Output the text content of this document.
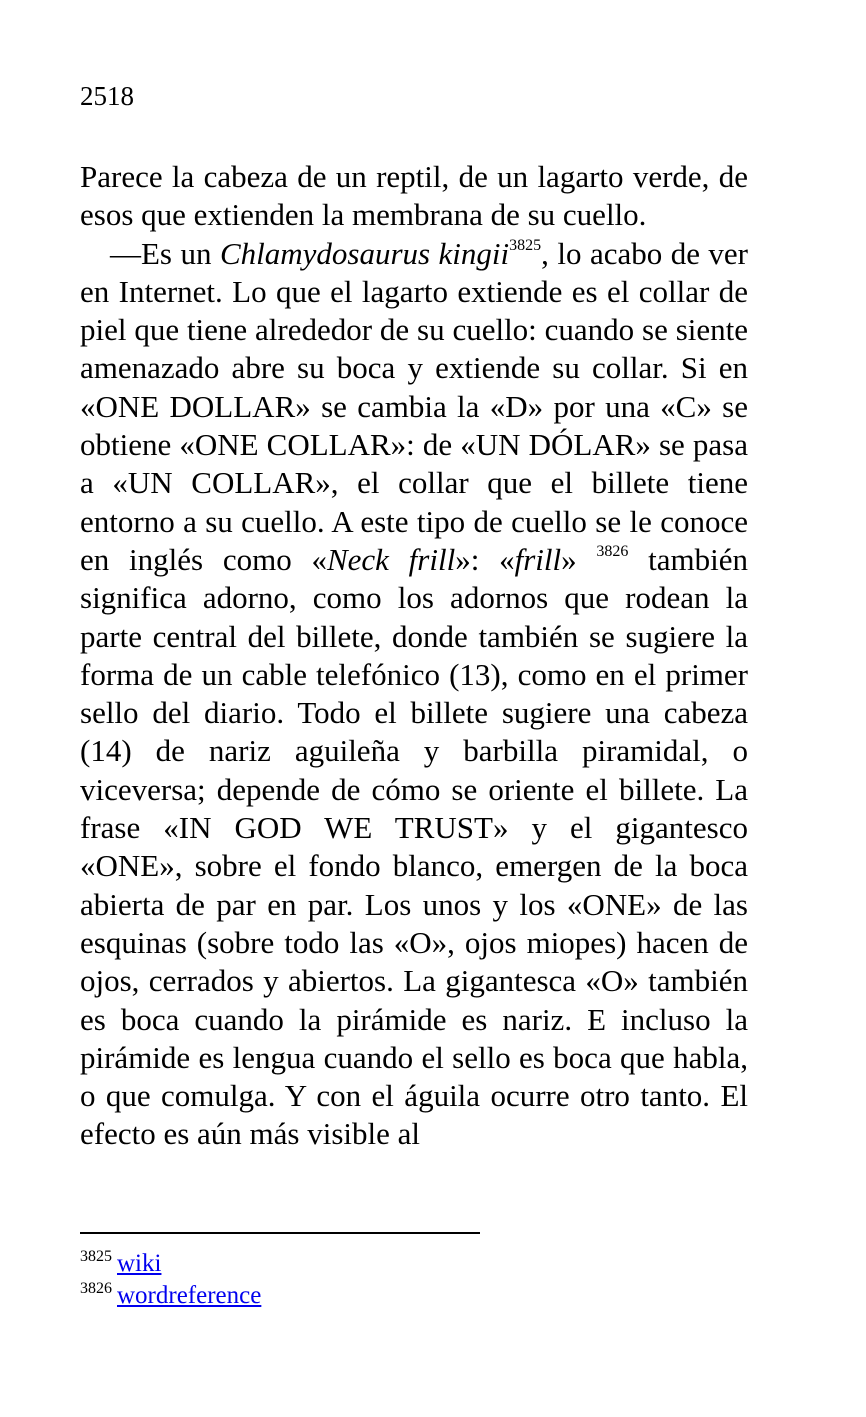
2518

Parece la cabeza de un reptil, de un lagarto verde, de esos que extienden la membrana de su cuello.

—Es un Chlamydosaurus kingii$^{3825}$, lo acabo de ver en Internet. Lo que el lagarto extiende es el collar de piel que tiene alrededor de su cuello: cuando se siente amenazado abre su boca y extiende su collar. Si en «ONE DOLLAR» se cambia la «D» por una «C» se obtiene «ONE COLLAR»: de «UN DÓLAR» se pasa a «UN COLLAR», el collar que el billete tiene entorno a su cuello. A este tipo de cuello se le conoce en inglés como «Neck frill»: «frill» $^{3826}$ también significa adorno, como los adornos que rodean la parte central del billete, donde también se sugiere la forma de un cable telefónico (13), como en el primer sello del diario. Todo el billete sugiere una cabeza (14) de nariz aguileña y barbilla piramidal, o viceversa; depende de cómo se oriente el billete. La frase «IN GOD WE TRUST» y el gigantesco «ONE», sobre el fondo blanco, emergen de la boca abierta de par en par. Los unos y los «ONE» de las esquinas (sobre todo las «O», ojos miopes) hacen de ojos, cerrados y abiertos. La gigantesca «O» también es boca cuando la pirámide es nariz. E incluso la pirámide es lengua cuando el sello es boca que habla, o que comulga. Y con el águila ocurre otro tanto. El efecto es aún más visible al

$^{3825}$ wiki
$^{3826}$ wordreference
